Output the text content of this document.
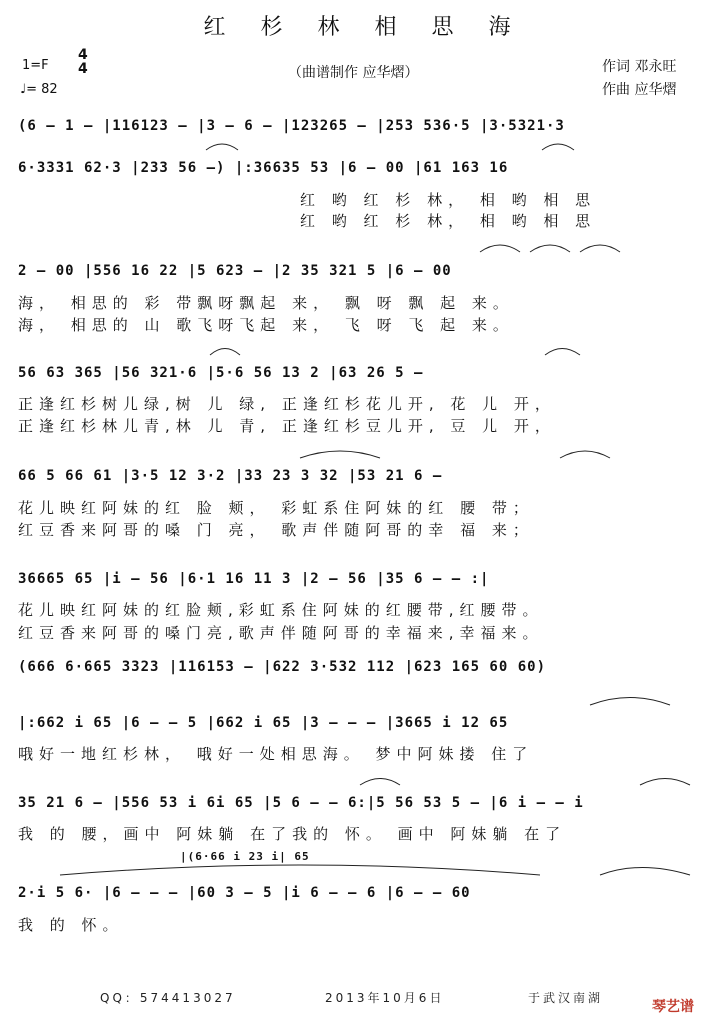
红 杉 林 相 思 海
1=F
4
4
♩= 82
（曲谱制作 应华熠）	作词 邓永旺
作曲 应华熠
(6 – 1 – |116123 – |3 – 6 – |123265 – |253 536·5 |3·5321·3
6·3331 62·3 |233 56 –) |:36635 53 |6 – 00 |61 163 16
红 哟 红 杉 林， 相 哟 相 思
红 哟 红 杉 林， 相 哟 相 思
2 – 00 |556 16 22 |5 623 – |2 35 321 5 |6 – 00
海， 相思的 彩 带飘呀飘起 来， 飘 呀 飘 起 来。
海， 相思的 山 歌飞呀飞起 来， 飞 呀 飞 起 来。
56 63 365 |56 321·6 |5·6 56 13 2 |63 26 5 –
正逢红杉树儿绿,树 儿 绿, 正逢红杉花儿开, 花 儿 开，
正逢红杉林儿青,林 儿 青, 正逢红杉豆儿开, 豆 儿 开，
66 5 66 61 |3·5 12 3·2 |33 23 3 32 |53 21 6 –
花儿映红阿妹的红 脸 颊， 彩虹系住阿妹的红 腰 带；
红豆香来阿哥的嗓 门 亮， 歌声伴随阿哥的幸 福 来；
36665 65 |i – 56 |6·1 16 11 3 |2 – 56 |35 6 – – :|
花儿映红阿妹的红脸颊,彩虹系住阿妹的红腰带,红腰带。
红豆香来阿哥的嗓门亮,歌声伴随阿哥的幸福来,幸福来。
(666 6·665 3323 |116153 – |622 3·532 112 |623 165 60 60)
|:662 i 65 |6 – – 5 |662 i 65 |3 – – – |3665 i 12 65
哦好一地红杉林， 哦好一处相思海。 梦中阿妹搂 住了
35 21 6 – |556 53 i 6i 65 |5 6 – – 6:|5 56 53 5 – |6 i – – i
我 的 腰，画中 阿妹躺 在了我的 怀。 画中 阿妹躺 在了
|(6·66 i 23 i| 65
2·i 5 6· |6 – – – |60 3 – 5 |i 6 – – 6 |6 – – 60
我 的 怀。
QQ：574413027	2013年10月6日	于武汉南湖
琴艺谱
